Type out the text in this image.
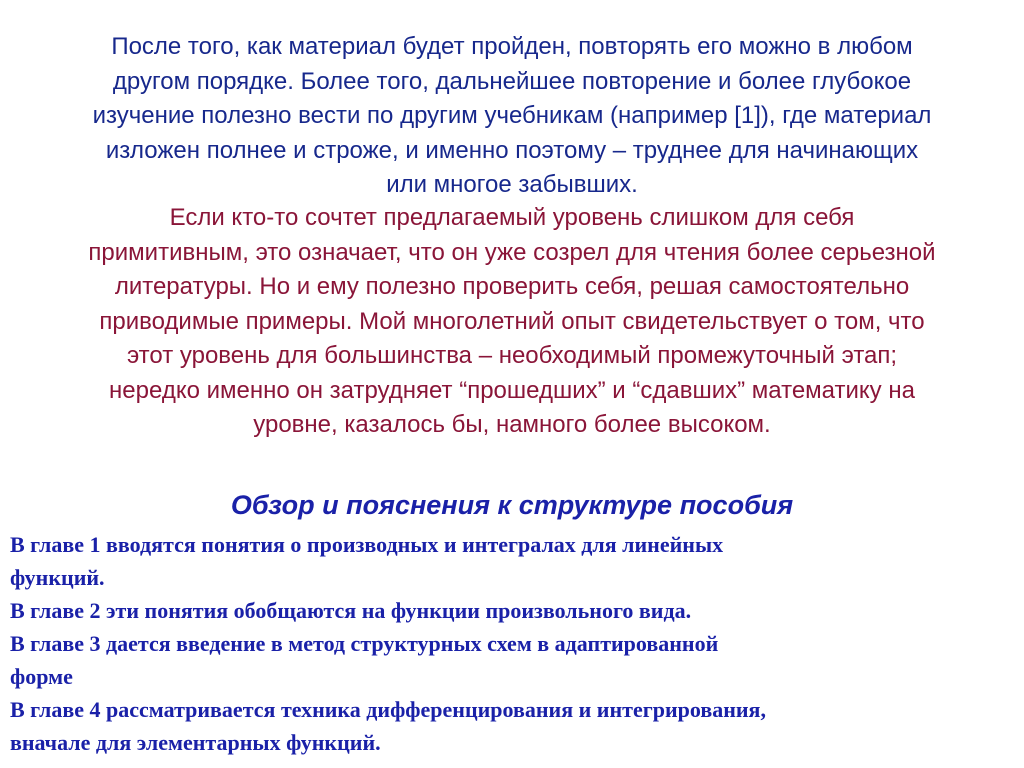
После того, как материал будет пройден, повторять его можно в любом
другом порядке. Более того, дальнейшее повторение и более глубокое
изучение полезно вести по другим учебникам (например [1]), где материал
изложен полнее и строже, и именно поэтому – труднее для начинающих
или многое забывших.

Если кто-то сочтет предлагаемый уровень слишком для себя
примитивным, это означает, что он уже созрел для чтения более серьезной
литературы. Но и ему полезно проверить себя, решая самостоятельно
приводимые примеры. Мой многолетний опыт свидетельствует о том, что
этот уровень для большинства – необходимый промежуточный этап;
нередко именно он затрудняет “прошедших” и “сдавших” математику на
уровне, казалось бы, намного более высоком.

Обзор и пояснения к структуре пособия
В главе 1 вводятся понятия о производных и интегралах для линейных
функций.
В главе 2 эти понятия обобщаются на функции произвольного вида.
В главе 3 дается введение в метод структурных схем в адаптированной
форме
В главе 4 рассматривается техника дифференцирования и интегрирования,
вначале для элементарных функций.
